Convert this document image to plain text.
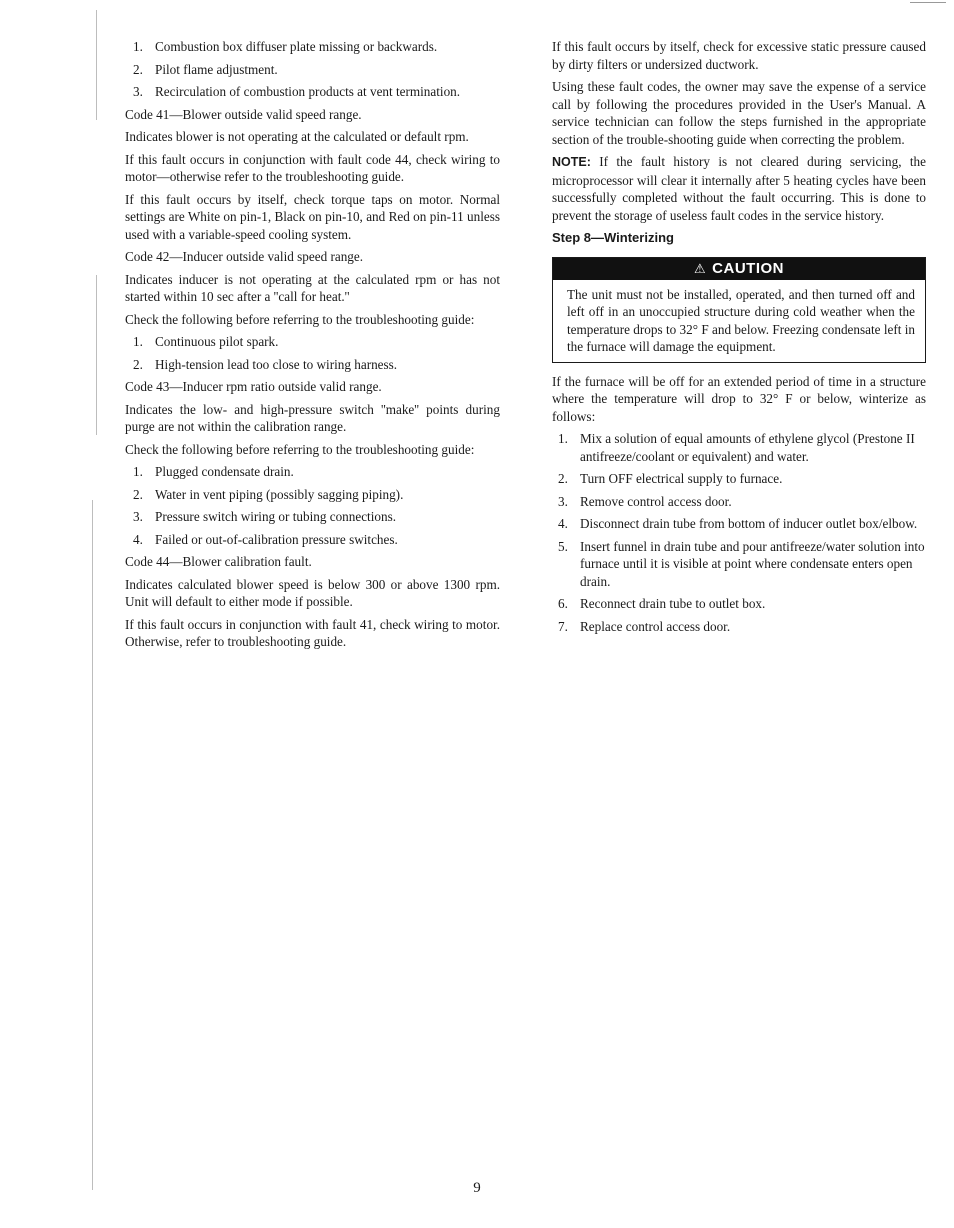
1. Combustion box diffuser plate missing or backwards.
2. Pilot flame adjustment.
3. Recirculation of combustion products at vent termination.

Code 41—Blower outside valid speed range.

Indicates blower is not operating at the calculated or default rpm.

If this fault occurs in conjunction with fault code 44, check wiring to motor—otherwise refer to the troubleshooting guide.

If this fault occurs by itself, check torque taps on motor. Normal settings are White on pin-1, Black on pin-10, and Red on pin-11 unless used with a variable-speed cooling system.

Code 42—Inducer outside valid speed range.

Indicates inducer is not operating at the calculated rpm or has not started within 10 sec after a ''call for heat.''

Check the following before referring to the troubleshooting guide:

1. Continuous pilot spark.
2. High-tension lead too close to wiring harness.

Code 43—Inducer rpm ratio outside valid range.

Indicates the low- and high-pressure switch ''make'' points during purge are not within the calibration range.

Check the following before referring to the troubleshooting guide:

1. Plugged condensate drain.
2. Water in vent piping (possibly sagging piping).
3. Pressure switch wiring or tubing connections.
4. Failed or out-of-calibration pressure switches.

Code 44—Blower calibration fault.

Indicates calculated blower speed is below 300 or above 1300 rpm. Unit will default to either mode if possible.

If this fault occurs in conjunction with fault 41, check wiring to motor. Otherwise, refer to troubleshooting guide.

If this fault occurs by itself, check for excessive static pressure caused by dirty filters or undersized ductwork.

Using these fault codes, the owner may save the expense of a service call by following the procedures provided in the User's Manual. A service technician can follow the steps furnished in the appropriate section of the trouble-shooting guide when correcting the problem.

NOTE: If the fault history is not cleared during servicing, the microprocessor will clear it internally after 5 heating cycles have been successfully completed without the fault occurring. This is done to prevent the storage of useless fault codes in the service history.

Step 8—Winterizing
⚠ CAUTION
The unit must not be installed, operated, and then turned off and left off in an unoccupied structure during cold weather when the temperature drops to 32° F and below. Freezing condensate left in the furnace will damage the equipment.

If the furnace will be off for an extended period of time in a structure where the temperature will drop to 32° F or below, winterize as follows:

1. Mix a solution of equal amounts of ethylene glycol (Prestone II antifreeze/coolant or equivalent) and water.
2. Turn OFF electrical supply to furnace.
3. Remove control access door.
4. Disconnect drain tube from bottom of inducer outlet box/elbow.
5. Insert funnel in drain tube and pour antifreeze/water solution into furnace until it is visible at point where condensate enters open drain.
6. Reconnect drain tube to outlet box.
7. Replace control access door.
9
